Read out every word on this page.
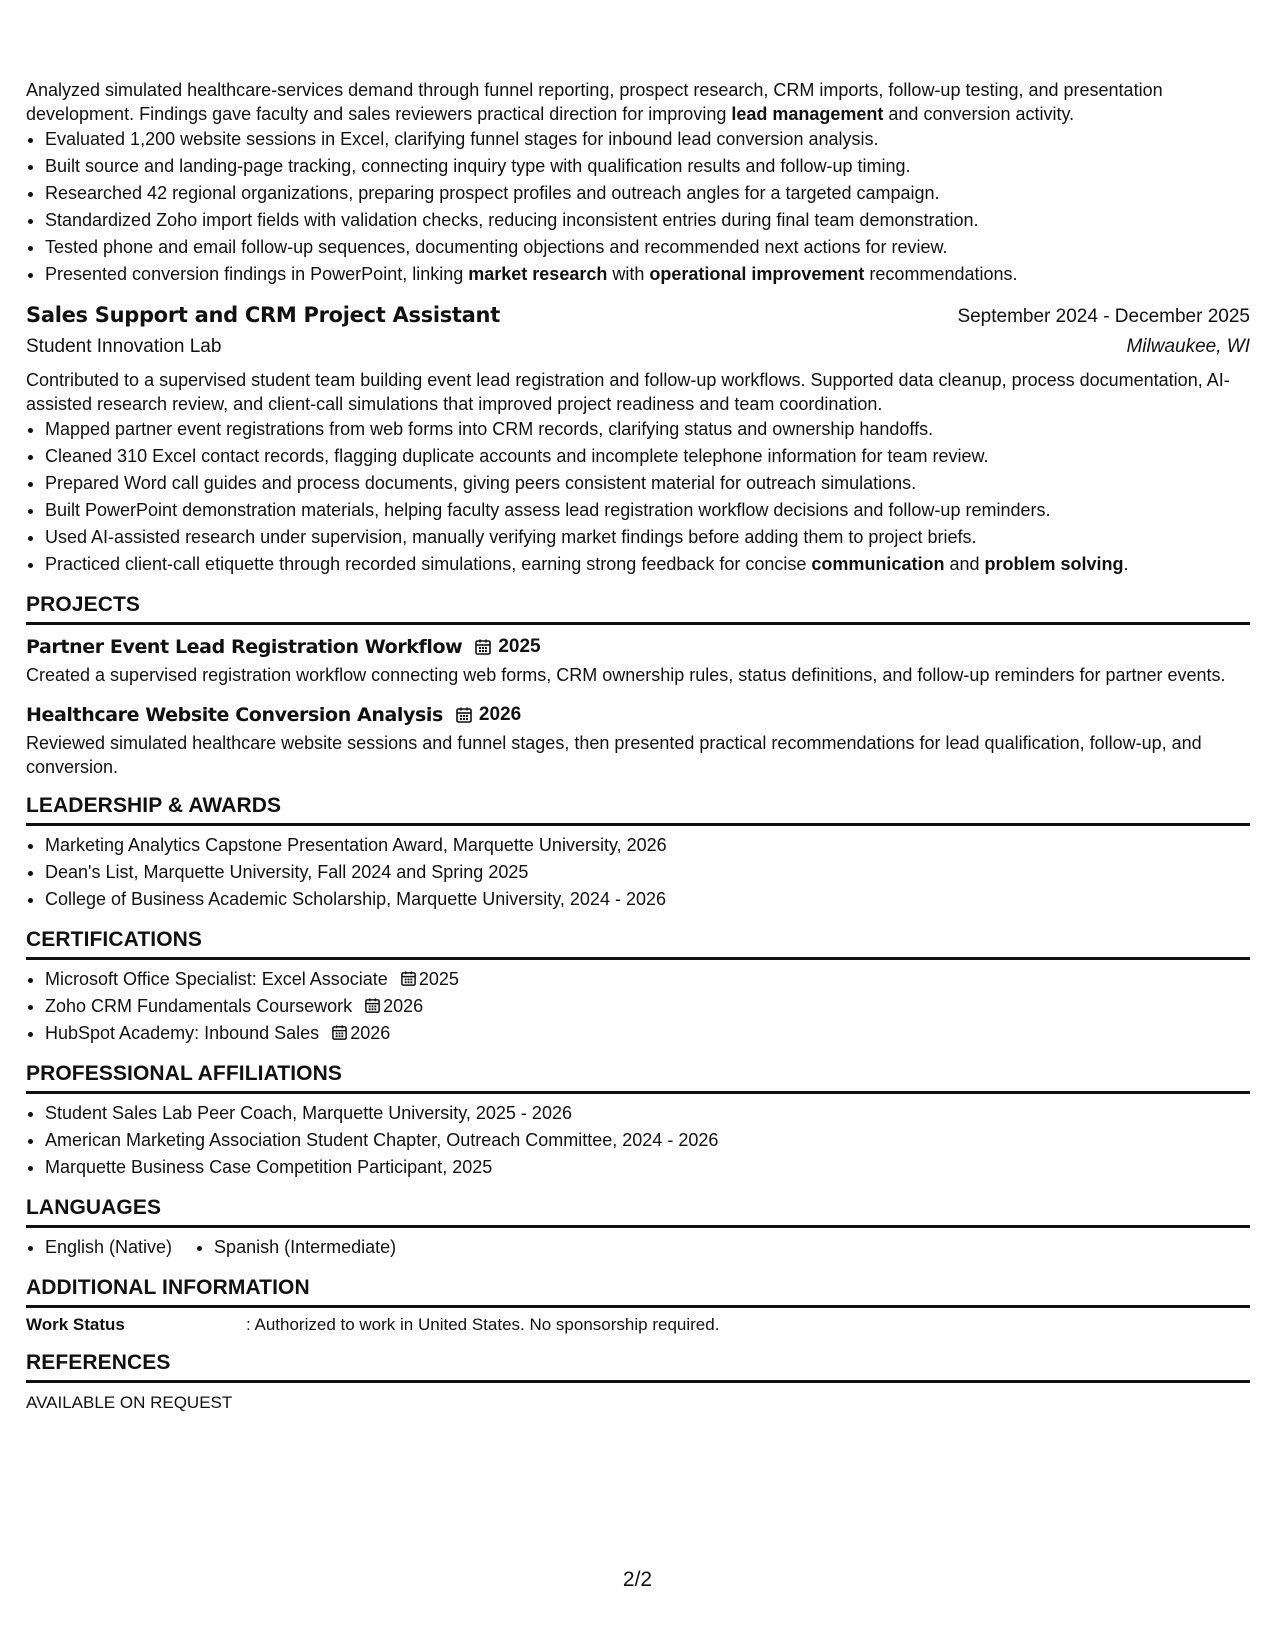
Analyzed simulated healthcare-services demand through funnel reporting, prospect research, CRM imports, follow-up testing, and presentation development. Findings gave faculty and sales reviewers practical direction for improving lead management and conversion activity.

• Evaluated 1,200 website sessions in Excel, clarifying funnel stages for inbound lead conversion analysis.
• Built source and landing-page tracking, connecting inquiry type with qualification results and follow-up timing.
• Researched 42 regional organizations, preparing prospect profiles and outreach angles for a targeted campaign.
• Standardized Zoho import fields with validation checks, reducing inconsistent entries during final team demonstration.
• Tested phone and email follow-up sequences, documenting objections and recommended next actions for review.
• Presented conversion findings in PowerPoint, linking market research with operational improvement recommendations.
Sales Support and CRM Project Assistant	September 2024 - December 2025
Student Innovation Lab	Milwaukee, WI

Contributed to a supervised student team building event lead registration and follow-up workflows. Supported data cleanup, process documentation, AI-assisted research review, and client-call simulations that improved project readiness and team coordination.

• Mapped partner event registrations from web forms into CRM records, clarifying status and ownership handoffs.
• Cleaned 310 Excel contact records, flagging duplicate accounts and incomplete telephone information for team review.
• Prepared Word call guides and process documents, giving peers consistent material for outreach simulations.
• Built PowerPoint demonstration materials, helping faculty assess lead registration workflow decisions and follow-up reminders.
• Used AI-assisted research under supervision, manually verifying market findings before adding them to project briefs.
• Practiced client-call etiquette through recorded simulations, earning strong feedback for concise communication and problem solving.
PROJECTS
Partner Event Lead Registration Workflow 2025

Created a supervised registration workflow connecting web forms, CRM ownership rules, status definitions, and follow-up reminders for partner events.

Healthcare Website Conversion Analysis 2026

Reviewed simulated healthcare website sessions and funnel stages, then presented practical recommendations for lead qualification, follow-up, and conversion.

LEADERSHIP & AWARDS
• Marketing Analytics Capstone Presentation Award, Marquette University, 2026
• Dean's List, Marquette University, Fall 2024 and Spring 2025
• College of Business Academic Scholarship, Marquette University, 2024 - 2026
CERTIFICATIONS
• Microsoft Office Specialist: Excel Associate 2025
• Zoho CRM Fundamentals Coursework 2026
• HubSpot Academy: Inbound Sales 2026
PROFESSIONAL AFFILIATIONS
• Student Sales Lab Peer Coach, Marquette University, 2025 - 2026
• American Marketing Association Student Chapter, Outreach Committee, 2024 - 2026
• Marquette Business Case Competition Participant, 2025
LANGUAGES
• English (Native)
• Spanish (Intermediate)
ADDITIONAL INFORMATION
Work Status	: Authorized to work in United States. No sponsorship required.
REFERENCES

AVAILABLE ON REQUEST

2/2
